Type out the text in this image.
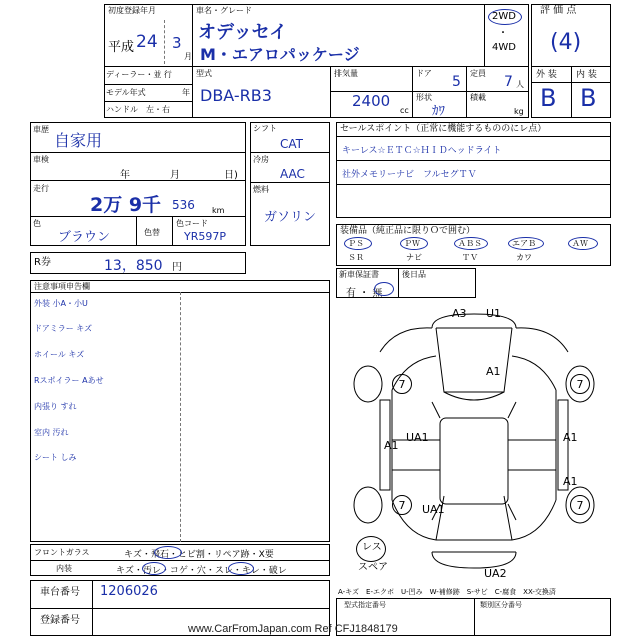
初度登録年月
平成 24 3
月
車名・グレード
オデッセイ
M・エアロパッケージ
2WD
・
4WD
ディーラー・並 行
モデル年式	年
ハンドル　左・右
型式
DBA-RB3
排気量
2400
cc
ドア
5
定員
7 人
形状
ｶﾜ
積載
kg
評 価 点
(4)
外 装 内 装
B B
車歴
自家用
車検
年	月	日)
走行
2万 9千 536 km
色
ブラウン	色替
色コード
YR597P
シフト
CAT
冷房
AAC
燃料
ガソリン
R券	13，850 円
セールスポイント（正常に機能するもののにレ点）
キーレス☆ＥＴＣ☆ＨＩＤヘッドライト
社外メモリーナビ　フルセグＴＶ
装備品（純正品に限りＯで囲む）
ＰＳ	ＰＷ	ＡＢＳ	エアＢ	ＡＷ
ＳＲ	ナビ	ＴＶ	カワ
新車保証書
有 ・ 無
後日品
注意事項申告欄
外装 小A・小U
ドアミラー キズ
ホイール キズ
Rスポイラー Aあせ
内張り すれ
室内 汚れ
シート しみ
フロントガラス	キズ・飛石・ヒビ割・リペア跡・X要
内装	キズ・汚レ・コゲ・穴・スレ・キレ・破レ
車台番号 1206026
登録番号
A3 U1
A1
7	7
A1
UA1	A1
A1
7	7
UA1
レス
スペア	UA2
A-キズ　E-エクボ　U-凹み　W-補修跡　S-サビ　C-腐食　XX-交換済
型式指定番号	類別区分番号
www.CarFromJapan.com Ref CFJ1848179
